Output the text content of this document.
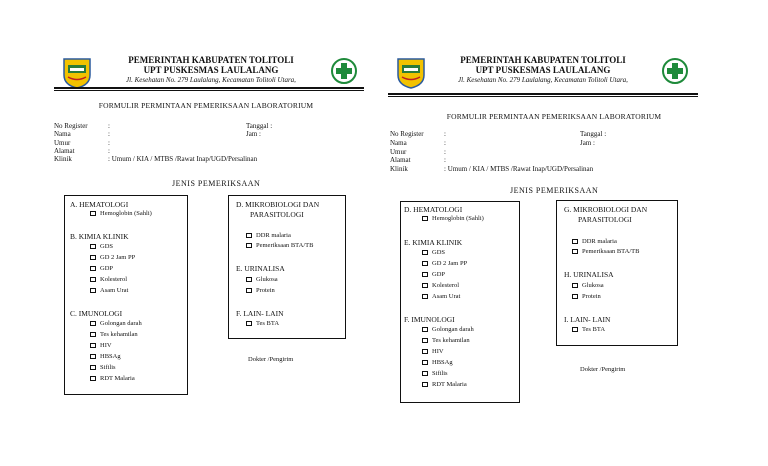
PEMERINTAH KABUPATEN TOLITOLI
UPT PUSKESMAS LAULALANG
Jl. Kesehatan No. 279 Laulalang, Kecamatan Tolitoli Utara,
FORMULIR PERMINTAAN PEMERIKSAAN LABORATORIUM
No Register
Nama
Umur
Alamat
Klinik
:
:
:
:
: Umum / KIA / MTBS /Rawat Inap/UGD/Persalinan
Tanggal :
Jam :
JENIS PEMERIKSAAN
A. HEMATOLOGI
Hemoglobin (Sahli)
B. KIMIA KLINIK
GDS
GD 2 Jam PP
GDP
Kolesterol
Asam Urat
C. IMUNOLOGI
Golongan darah
Tes kehamilan
HIV
HBSAg
Sifilis
RDT Malaria
D. MIKROBIOLOGI DAN
PARASITOLOGI
DDR malaria
Pemeriksaan BTA/TB
E. URINALISA
Glukosa
Protein
F. LAIN- LAIN
Tes BTA
Dokter /Pengirim
PEMERINTAH KABUPATEN TOLITOLI
UPT PUSKESMAS LAULALANG
Jl. Kesehatan No. 279 Laulalang, Kecamatan Tolitoli Utara,
FORMULIR PERMINTAAN PEMERIKSAAN LABORATORIUM
No Register
Nama
Umur
Alamat
Klinik
:
:
:
:
: Umum / KIA / MTBS /Rawat Inap/UGD/Persalinan
Tanggal :
Jam :
JENIS PEMERIKSAAN
D. HEMATOLOGI
Hemoglobin (Sahli)
E. KIMIA KLINIK
GDS
GD 2 Jam PP
GDP
Kolesterol
Asam Urat
F. IMUNOLOGI
Golongan darah
Tes kehamilan
HIV
HBSAg
Sifilis
RDT Malaria
G. MIKROBIOLOGI DAN
PARASITOLOGI
DDR malaria
Pemeriksaan BTA/TB
H. URINALISA
Glukosa
Protein
I. LAIN- LAIN
Tes BTA
Dokter /Pengirim
